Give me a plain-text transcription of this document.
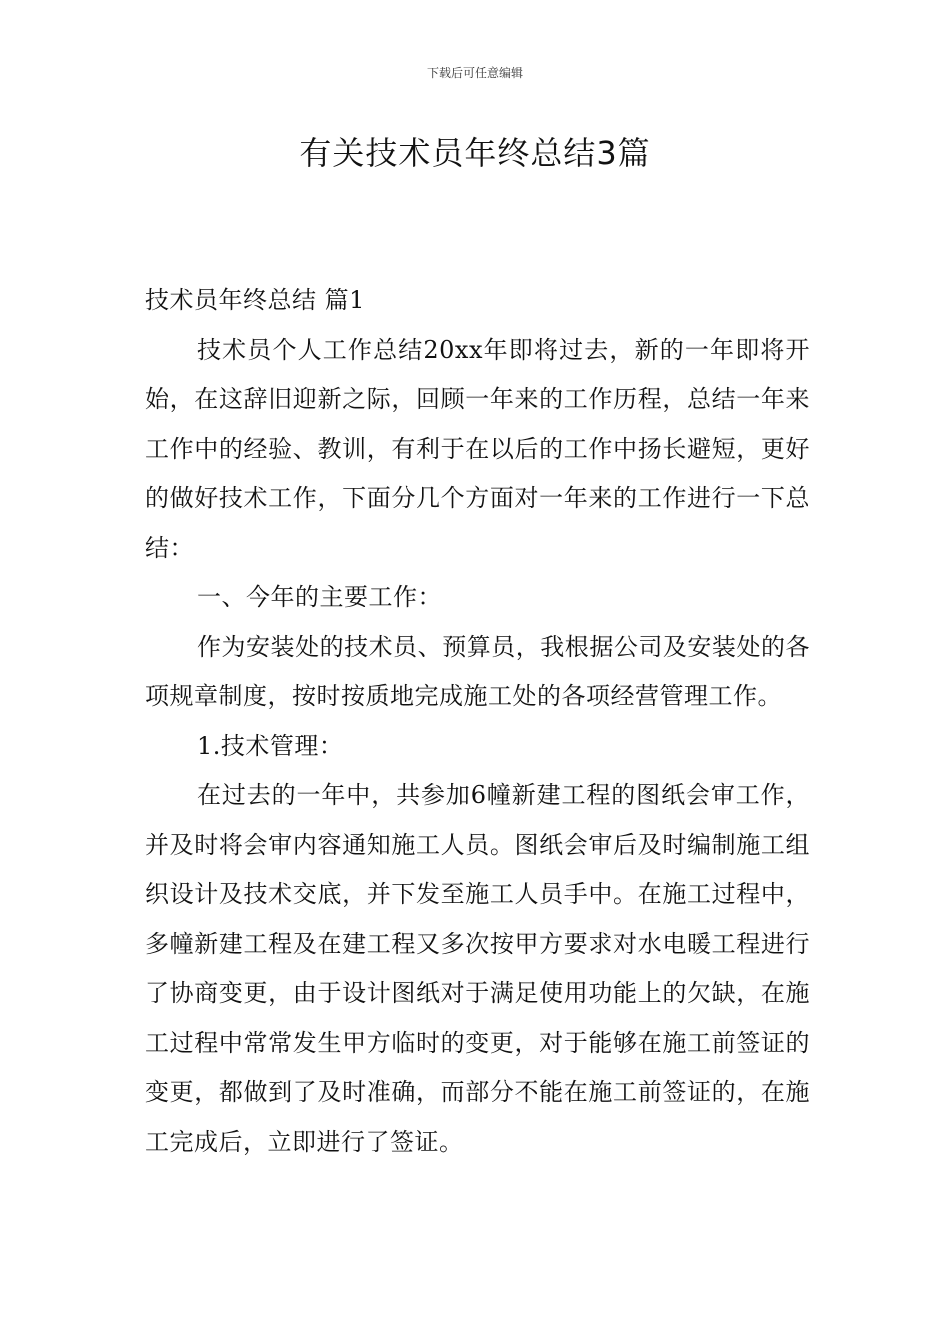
下载后可任意编辑
有关技术员年终总结3篇

技术员年终总结 篇1

技术员个人工作总结20xx年即将过去，新的一年即将开始，在这辞旧迎新之际，回顾一年来的工作历程，总结一年来工作中的经验、教训，有利于在以后的工作中扬长避短，更好的做好技术工作，下面分几个方面对一年来的工作进行一下总结：

一、今年的主要工作：

作为安装处的技术员、预算员，我根据公司及安装处的各项规章制度，按时按质地完成施工处的各项经营管理工作。

1.技术管理：

在过去的一年中，共参加6幢新建工程的图纸会审工作，并及时将会审内容通知施工人员。图纸会审后及时编制施工组织设计及技术交底，并下发至施工人员手中。在施工过程中，多幢新建工程及在建工程又多次按甲方要求对水电暖工程进行了协商变更，由于设计图纸对于满足使用功能上的欠缺，在施工过程中常常发生甲方临时的变更，对于能够在施工前签证的变更，都做到了及时准确，而部分不能在施工前签证的，在施工完成后，立即进行了签证。
